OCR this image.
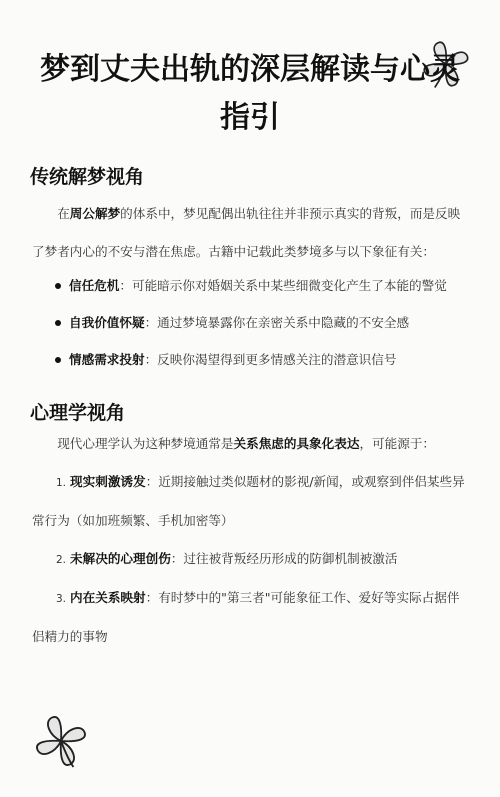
梦到丈夫出轨的深层解读与心灵指引
传统解梦视角

在周公解梦的体系中，梦见配偶出轨往往并非预示真实的背叛，而是反映了梦者内心的不安与潜在焦虑。古籍中记载此类梦境多与以下象征有关：

信任危机：可能暗示你对婚姻关系中某些细微变化产生了本能的警觉
自我价值怀疑：通过梦境暴露你在亲密关系中隐藏的不安全感
情感需求投射：反映你渴望得到更多情感关注的潜意识信号
心理学视角

现代心理学认为这种梦境通常是关系焦虑的具象化表达，可能源于：

1. 现实刺激诱发：近期接触过类似题材的影视/新闻，或观察到伴侣某些异常行为（如加班频繁、手机加密等）
2. 未解决的心理创伤：过往被背叛经历形成的防御机制被激活
3. 内在关系映射：有时梦中的"第三者"可能象征工作、爱好等实际占据伴侣精力的事物
